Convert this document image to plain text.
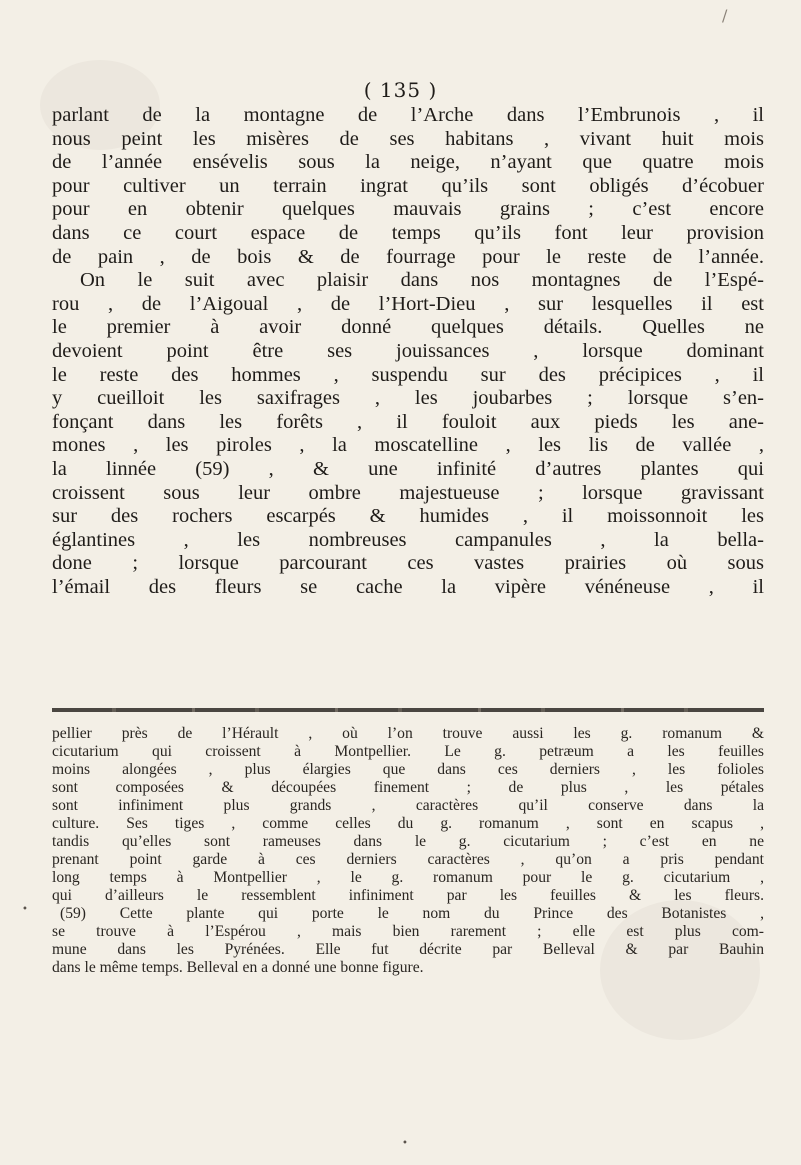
/
( 135 )
parlant de la montagne de l’Arche dans l’Embrunois , il
nous peint les misères de ses habitans , vivant huit mois
de l’année ensévelis sous la neige, n’ayant que quatre mois
pour cultiver un terrain ingrat qu’ils sont obligés d’écobuer
pour en obtenir quelques mauvais grains ; c’est encore
dans ce court espace de temps qu’ils font leur provision
de pain , de bois & de fourrage pour le reste de l’année.
On le suit avec plaisir dans nos montagnes de l’Espé-
rou , de l’Aigoual , de l’Hort-Dieu , sur lesquelles il est
le premier à avoir donné quelques détails. Quelles ne
devoient point être ses jouissances , lorsque dominant
le reste des hommes , suspendu sur des précipices , il
y cueilloit les saxifrages , les joubarbes ; lorsque s’en-
fonçant dans les forêts , il fouloit aux pieds les ane-
mones , les piroles , la moscatelline , les lis de vallée ,
la linnée (59) , & une infinité d’autres plantes qui
croissent sous leur ombre majestueuse ; lorsque gravissant
sur des rochers escarpés & humides , il moissonnoit les
églantines , les nombreuses campanules , la bella-
done ; lorsque parcourant ces vastes prairies où sous
l’émail des fleurs se cache la vipère vénéneuse , il
pellier près de l’Hérault , où l’on trouve aussi les g. romanum &
cicutarium qui croissent à Montpellier. Le g. petræum a les feuilles
moins alongées , plus élargies que dans ces derniers , les folioles
sont composées & découpées finement ; de plus , les pétales
sont infiniment plus grands , caractères qu’il conserve dans la
culture. Ses tiges , comme celles du g. romanum , sont en scapus ,
tandis qu’elles sont rameuses dans le g. cicutarium ; c’est en ne
prenant point garde à ces derniers caractères , qu’on a pris pendant
long temps à Montpellier , le g. romanum pour le g. cicutarium ,
qui d’ailleurs le ressemblent infiniment par les feuilles & les fleurs.
(59) Cette plante qui porte le nom du Prince des Botanistes ,
se trouve à l’Espérou , mais bien rarement ; elle est plus com-
mune dans les Pyrénées. Elle fut décrite par Belleval & par Bauhin
dans le même temps. Belleval en a donné une bonne figure.
•
•
